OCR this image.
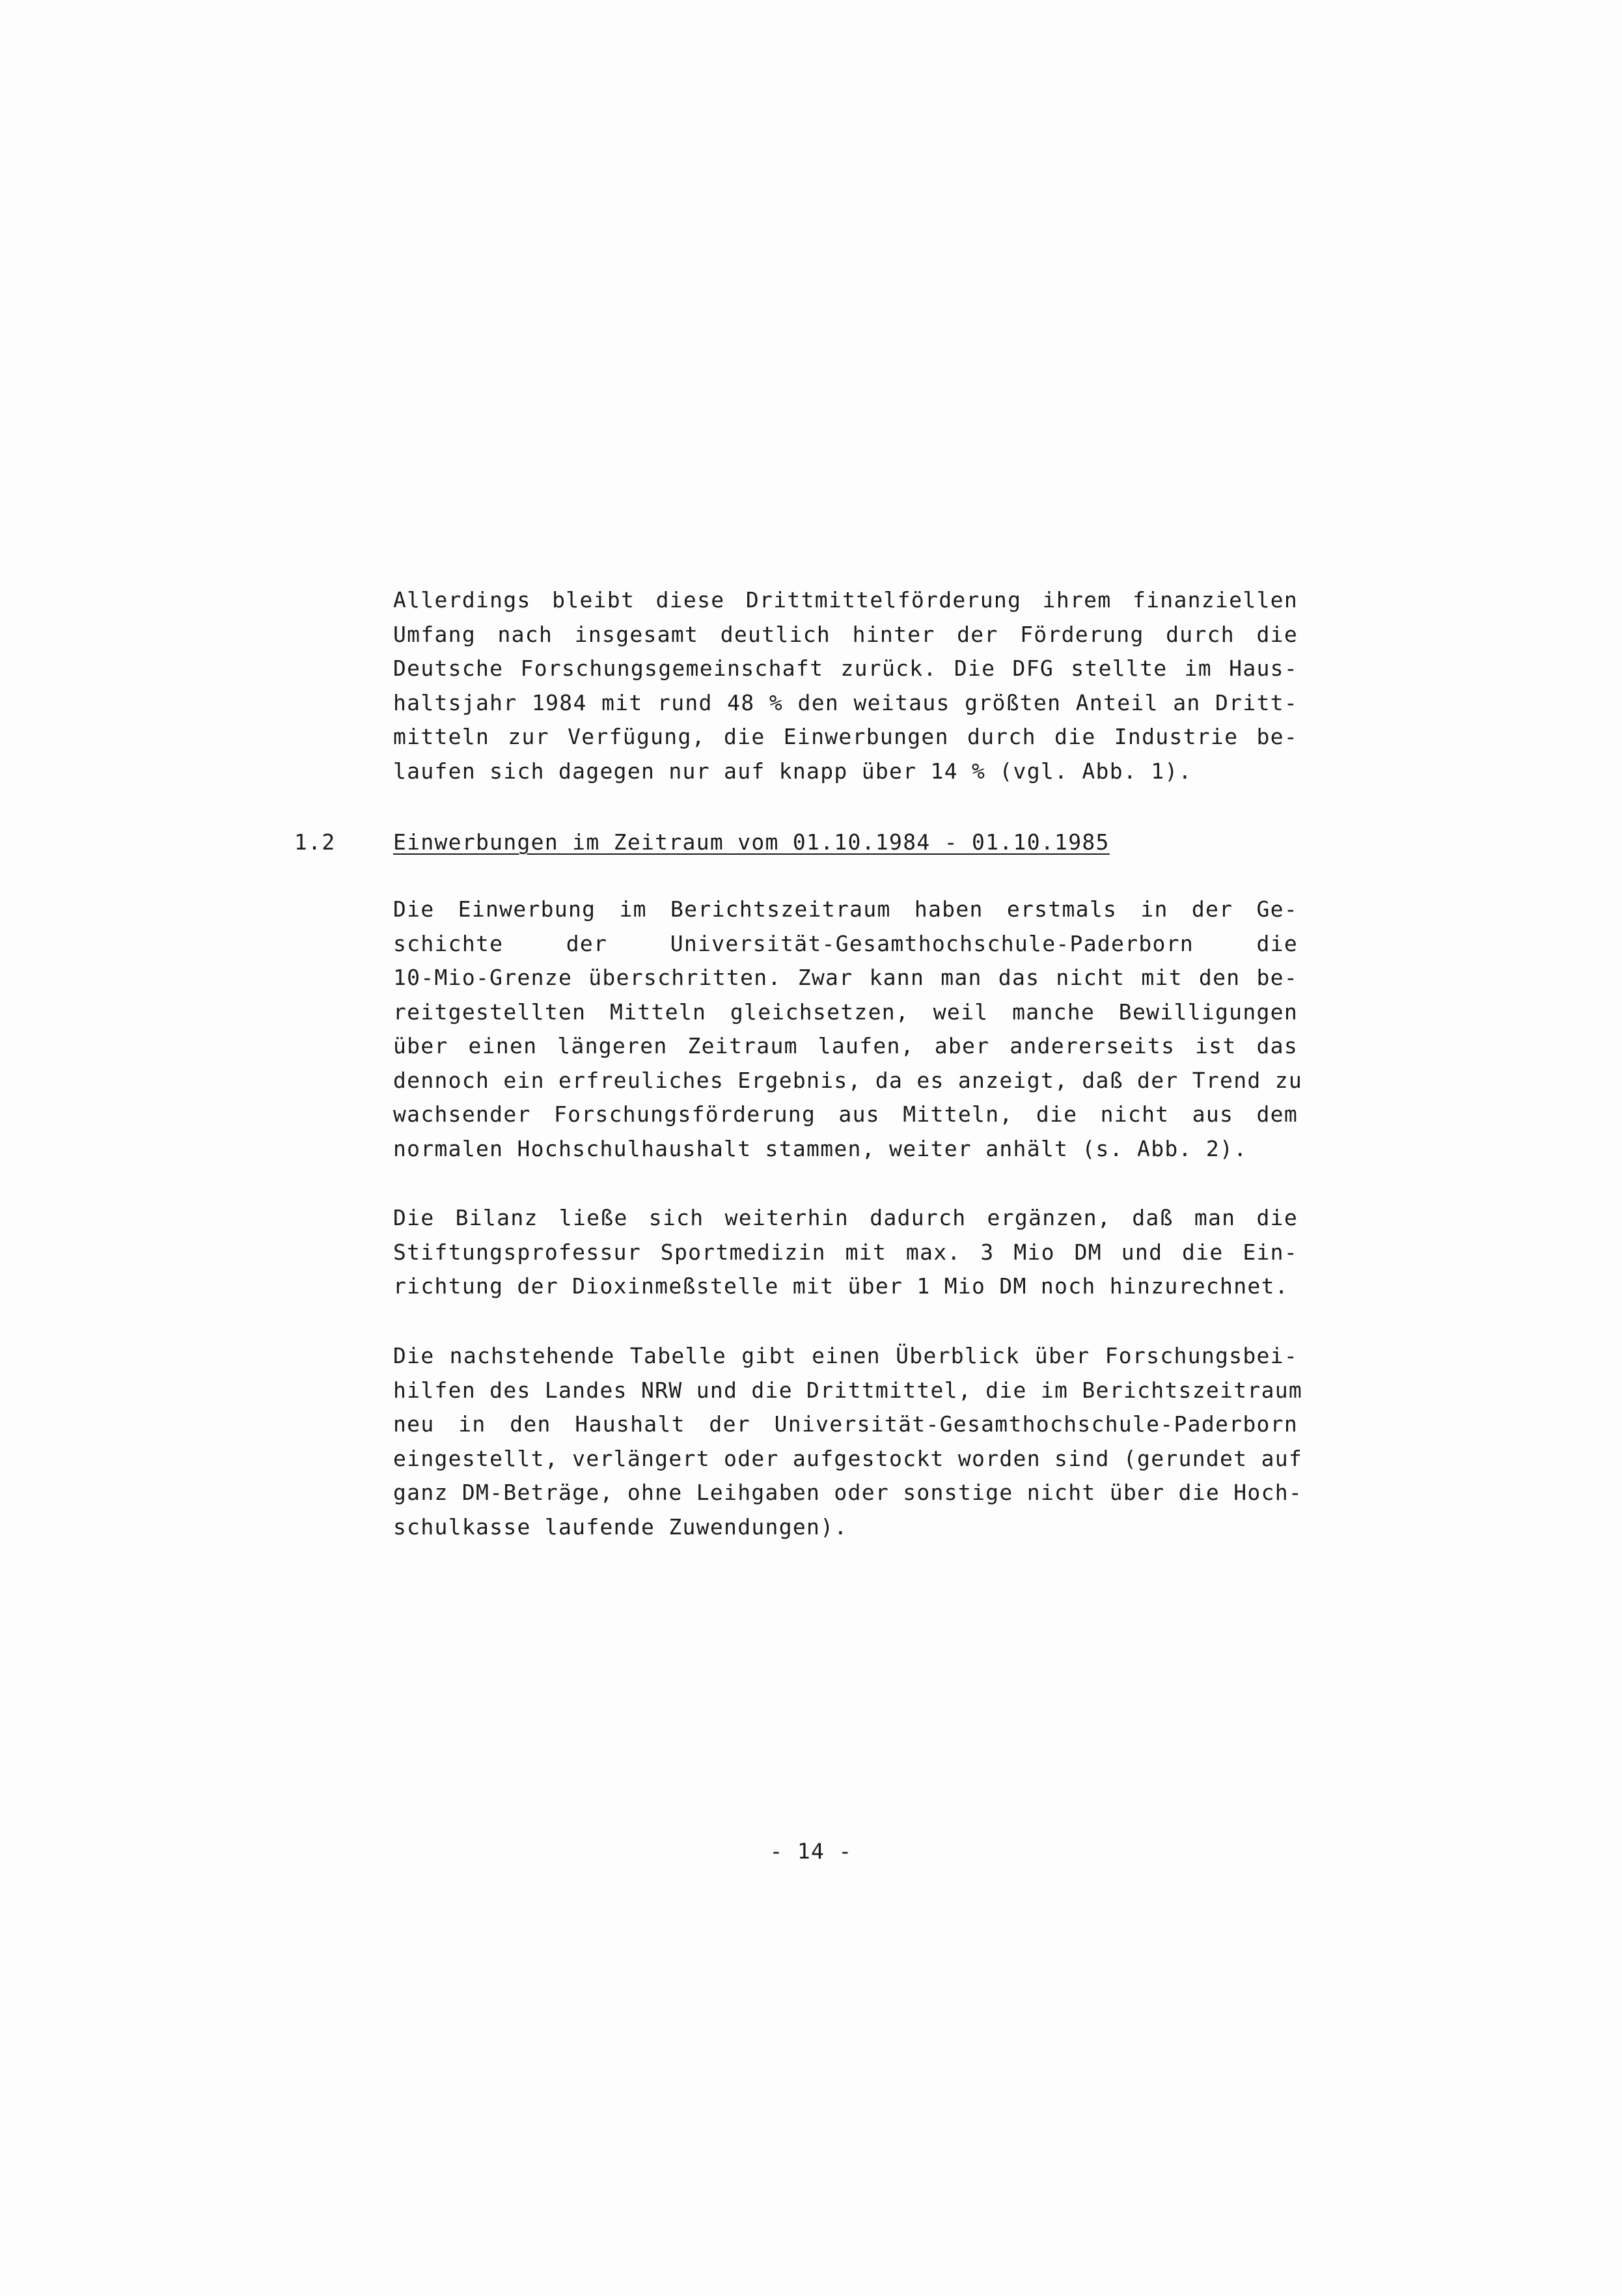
Allerdings bleibt diese Drittmittelförderung ihrem finanziellen
Umfang nach insgesamt deutlich hinter der Förderung durch die
Deutsche Forschungsgemeinschaft zurück. Die DFG stellte im Haus-
haltsjahr 1984 mit rund 48 % den weitaus größten Anteil an Dritt-
mitteln zur Verfügung, die Einwerbungen durch die Industrie be-
laufen sich dagegen nur auf knapp über 14 % (vgl. Abb. 1).
1.2	Einwerbungen im Zeitraum vom 01.10.1984 - 01.10.1985
Die Einwerbung im Berichtszeitraum haben erstmals in der Ge-
schichte der Universität-Gesamthochschule-Paderborn die
10-Mio-Grenze überschritten. Zwar kann man das nicht mit den be-
reitgestellten Mitteln gleichsetzen, weil manche Bewilligungen
über einen längeren Zeitraum laufen, aber andererseits ist das
dennoch ein erfreuliches Ergebnis, da es anzeigt, daß der Trend zu
wachsender Forschungsförderung aus Mitteln, die nicht aus dem
normalen Hochschulhaushalt stammen, weiter anhält (s. Abb. 2).
Die Bilanz ließe sich weiterhin dadurch ergänzen, daß man die
Stiftungsprofessur Sportmedizin mit max. 3 Mio DM und die Ein-
richtung der Dioxinmeßstelle mit über 1 Mio DM noch hinzurechnet.
Die nachstehende Tabelle gibt einen Überblick über Forschungsbei-
hilfen des Landes NRW und die Drittmittel, die im Berichtszeitraum
neu in den Haushalt der Universität-Gesamthochschule-Paderborn
eingestellt, verlängert oder aufgestockt worden sind (gerundet auf
ganz DM-Beträge, ohne Leihgaben oder sonstige nicht über die Hoch-
schulkasse laufende Zuwendungen).
- 14 -
